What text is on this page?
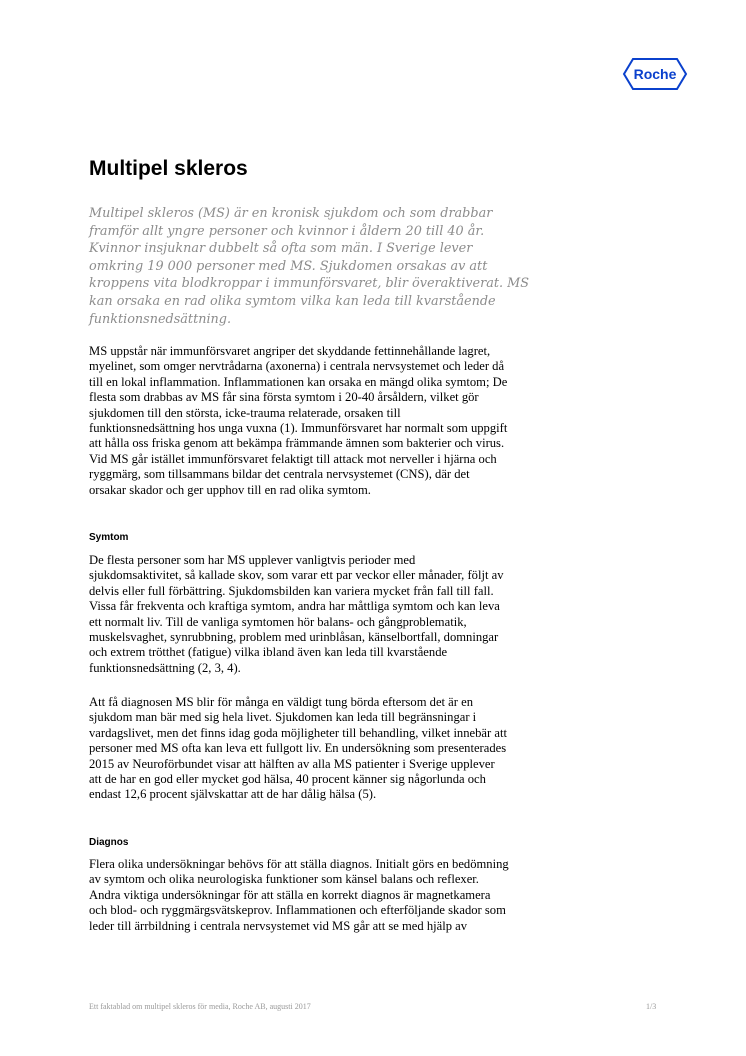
Roche
Multipel skleros

Multipel skleros (MS) är en kronisk sjukdom och som drabbar framför allt yngre personer och kvinnor i åldern 20 till 40 år. Kvinnor insjuknar dubbelt så ofta som män. I Sverige lever omkring 19 000 personer med MS. Sjukdomen orsakas av att kroppens vita blodkroppar i immunförsvaret, blir överaktiverat. MS kan orsaka en rad olika symtom vilka kan leda till kvarstående funktionsnedsättning.

MS uppstår när immunförsvaret angriper det skyddande fettinnehållande lagret, myelinet, som omger nervtrådarna (axonerna) i centrala nervsystemet och leder då till en lokal inflammation. Inflammationen kan orsaka en mängd olika symtom; De flesta som drabbas av MS får sina första symtom i 20-40 årsåldern, vilket gör sjukdomen till den största, icke-trauma relaterade, orsaken till funktionsnedsättning hos unga vuxna (1). Immunförsvaret har normalt som uppgift att hålla oss friska genom att bekämpa främmande ämnen som bakterier och virus. Vid MS går istället immunförsvaret felaktigt till attack mot nerveller i hjärna och ryggmärg, som tillsammans bildar det centrala nervsystemet (CNS), där det orsakar skador och ger upphov till en rad olika symtom.

Symtom

De flesta personer som har MS upplever vanligtvis perioder med sjukdomsaktivitet, så kallade skov, som varar ett par veckor eller månader, följt av delvis eller full förbättring. Sjukdomsbilden kan variera mycket från fall till fall. Vissa får frekventa och kraftiga symtom, andra har måttliga symtom och kan leva ett normalt liv. Till de vanliga symtomen hör balans- och gångproblematik, muskelsvaghet, synrubbning, problem med urinblåsan, känselbortfall, domningar och extrem trötthet (fatigue) vilka ibland även kan leda till kvarstående funktionsnedsättning (2, 3, 4).

Att få diagnosen MS blir för många en väldigt tung börda eftersom det är en sjukdom man bär med sig hela livet. Sjukdomen kan leda till begränsningar i vardagslivet, men det finns idag goda möjligheter till behandling, vilket innebär att personer med MS ofta kan leva ett fullgott liv. En undersökning som presenterades 2015 av Neuroförbundet visar att hälften av alla MS patienter i Sverige upplever att de har en god eller mycket god hälsa, 40 procent känner sig någorlunda och endast 12,6 procent självskattar att de har dålig hälsa (5).

Diagnos

Flera olika undersökningar behövs för att ställa diagnos. Initialt görs en bedömning av symtom och olika neurologiska funktioner som känsel balans och reflexer. Andra viktiga undersökningar för att ställa en korrekt diagnos är magnetkamera och blod- och ryggmärgsvätskeprov. Inflammationen och efterföljande skador som leder till ärrbildning i centrala nervsystemet vid MS går att se med hjälp av

Ett faktablad om multipel skleros för media, Roche AB, augusti 2017	1/3
